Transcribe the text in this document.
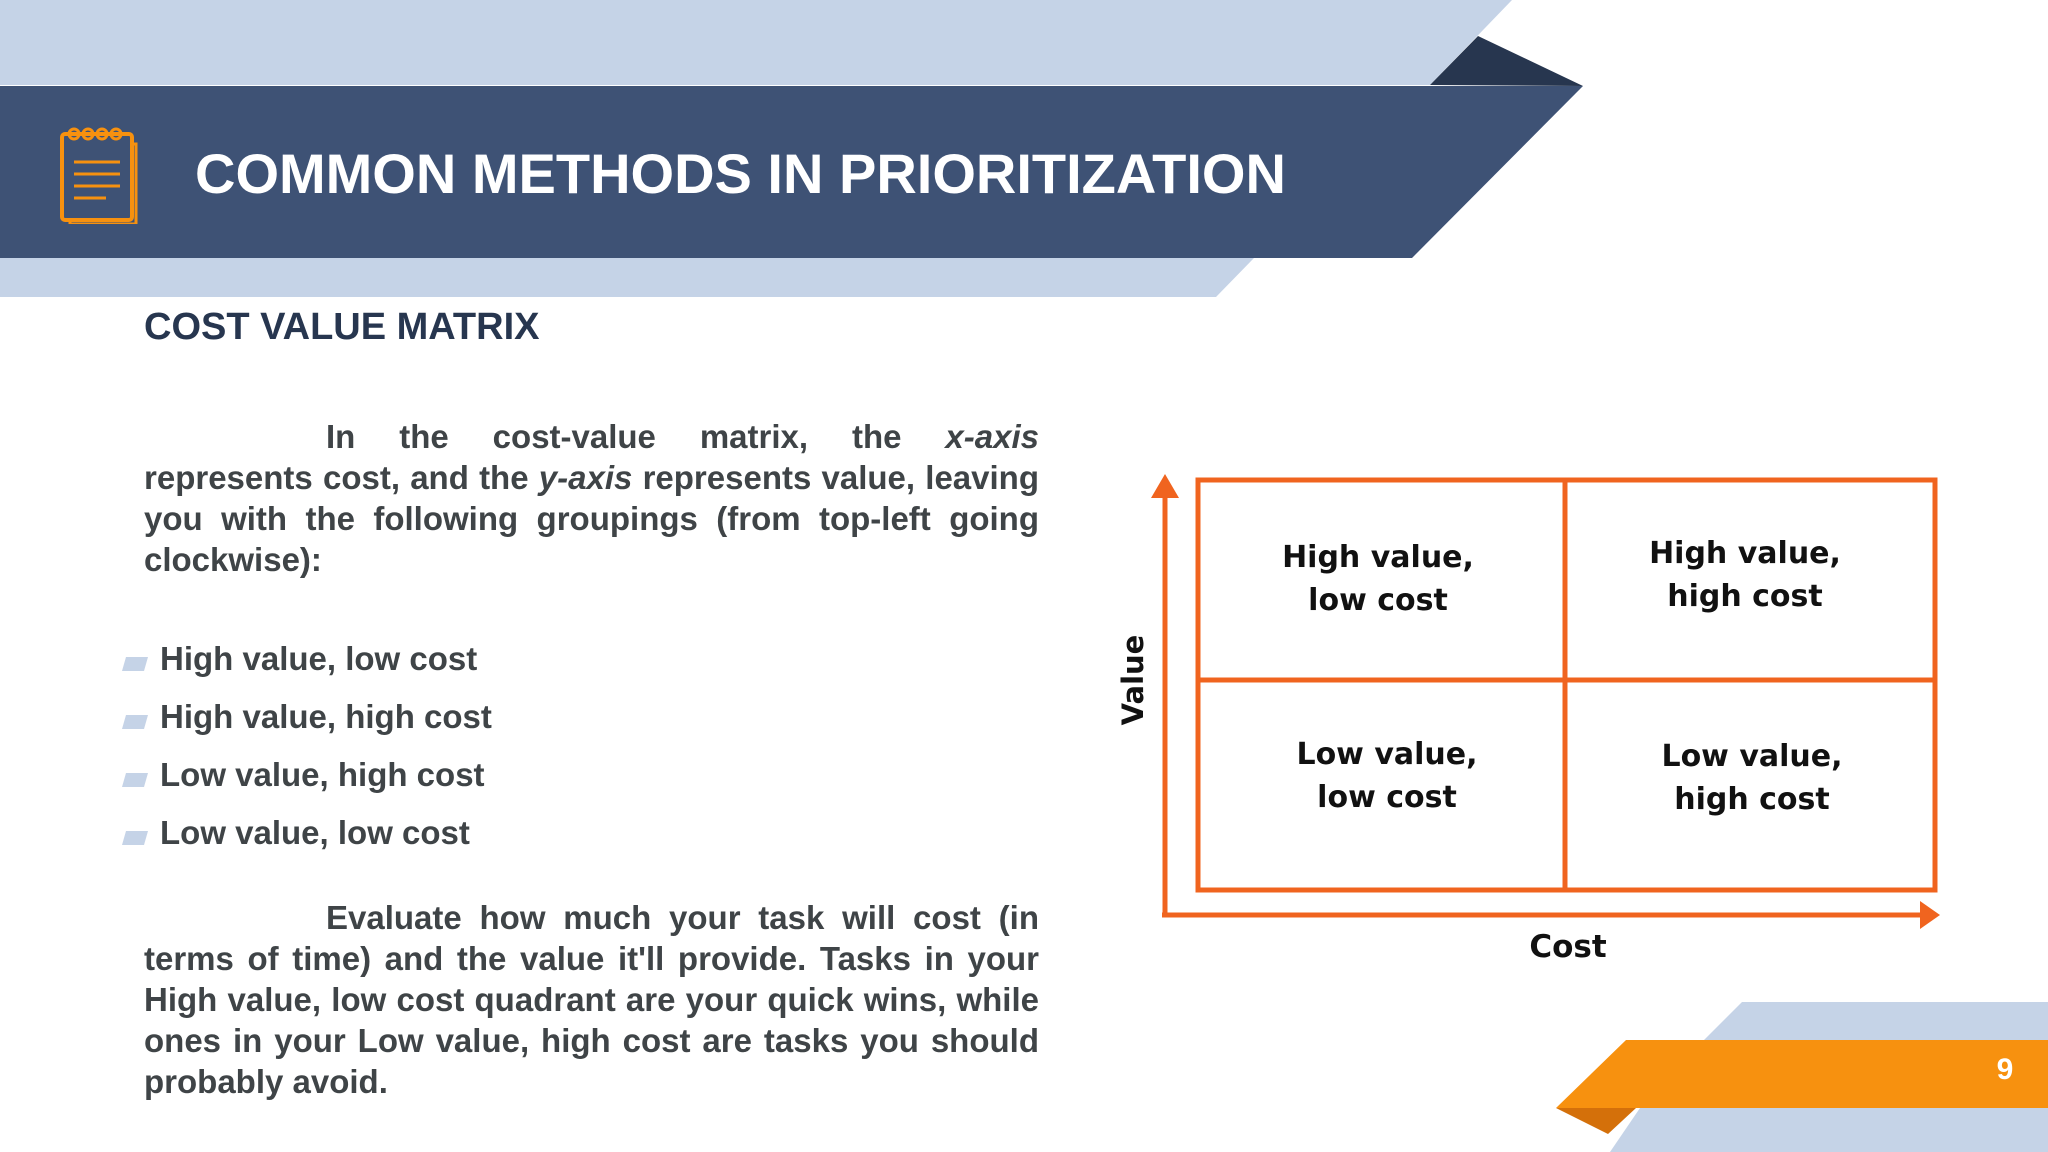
COMMON METHODS IN PRIORITIZATION
COST VALUE MATRIX

In the cost-value matrix, the x-axis represents cost, and the y-axis represents value, leaving you with the following groupings (from top-left going clockwise):

High value, low cost
High value, high cost
Low value, high cost
Low value, low cost

Evaluate how much your task will cost (in terms of time) and the value it'll provide. Tasks in your High value, low cost quadrant are your quick wins, while ones in your Low value, high cost are tasks you should probably avoid.

Cost
Value
High value,
low cost
High value,
high cost
Low value,
low cost
Low value,
high cost
9
